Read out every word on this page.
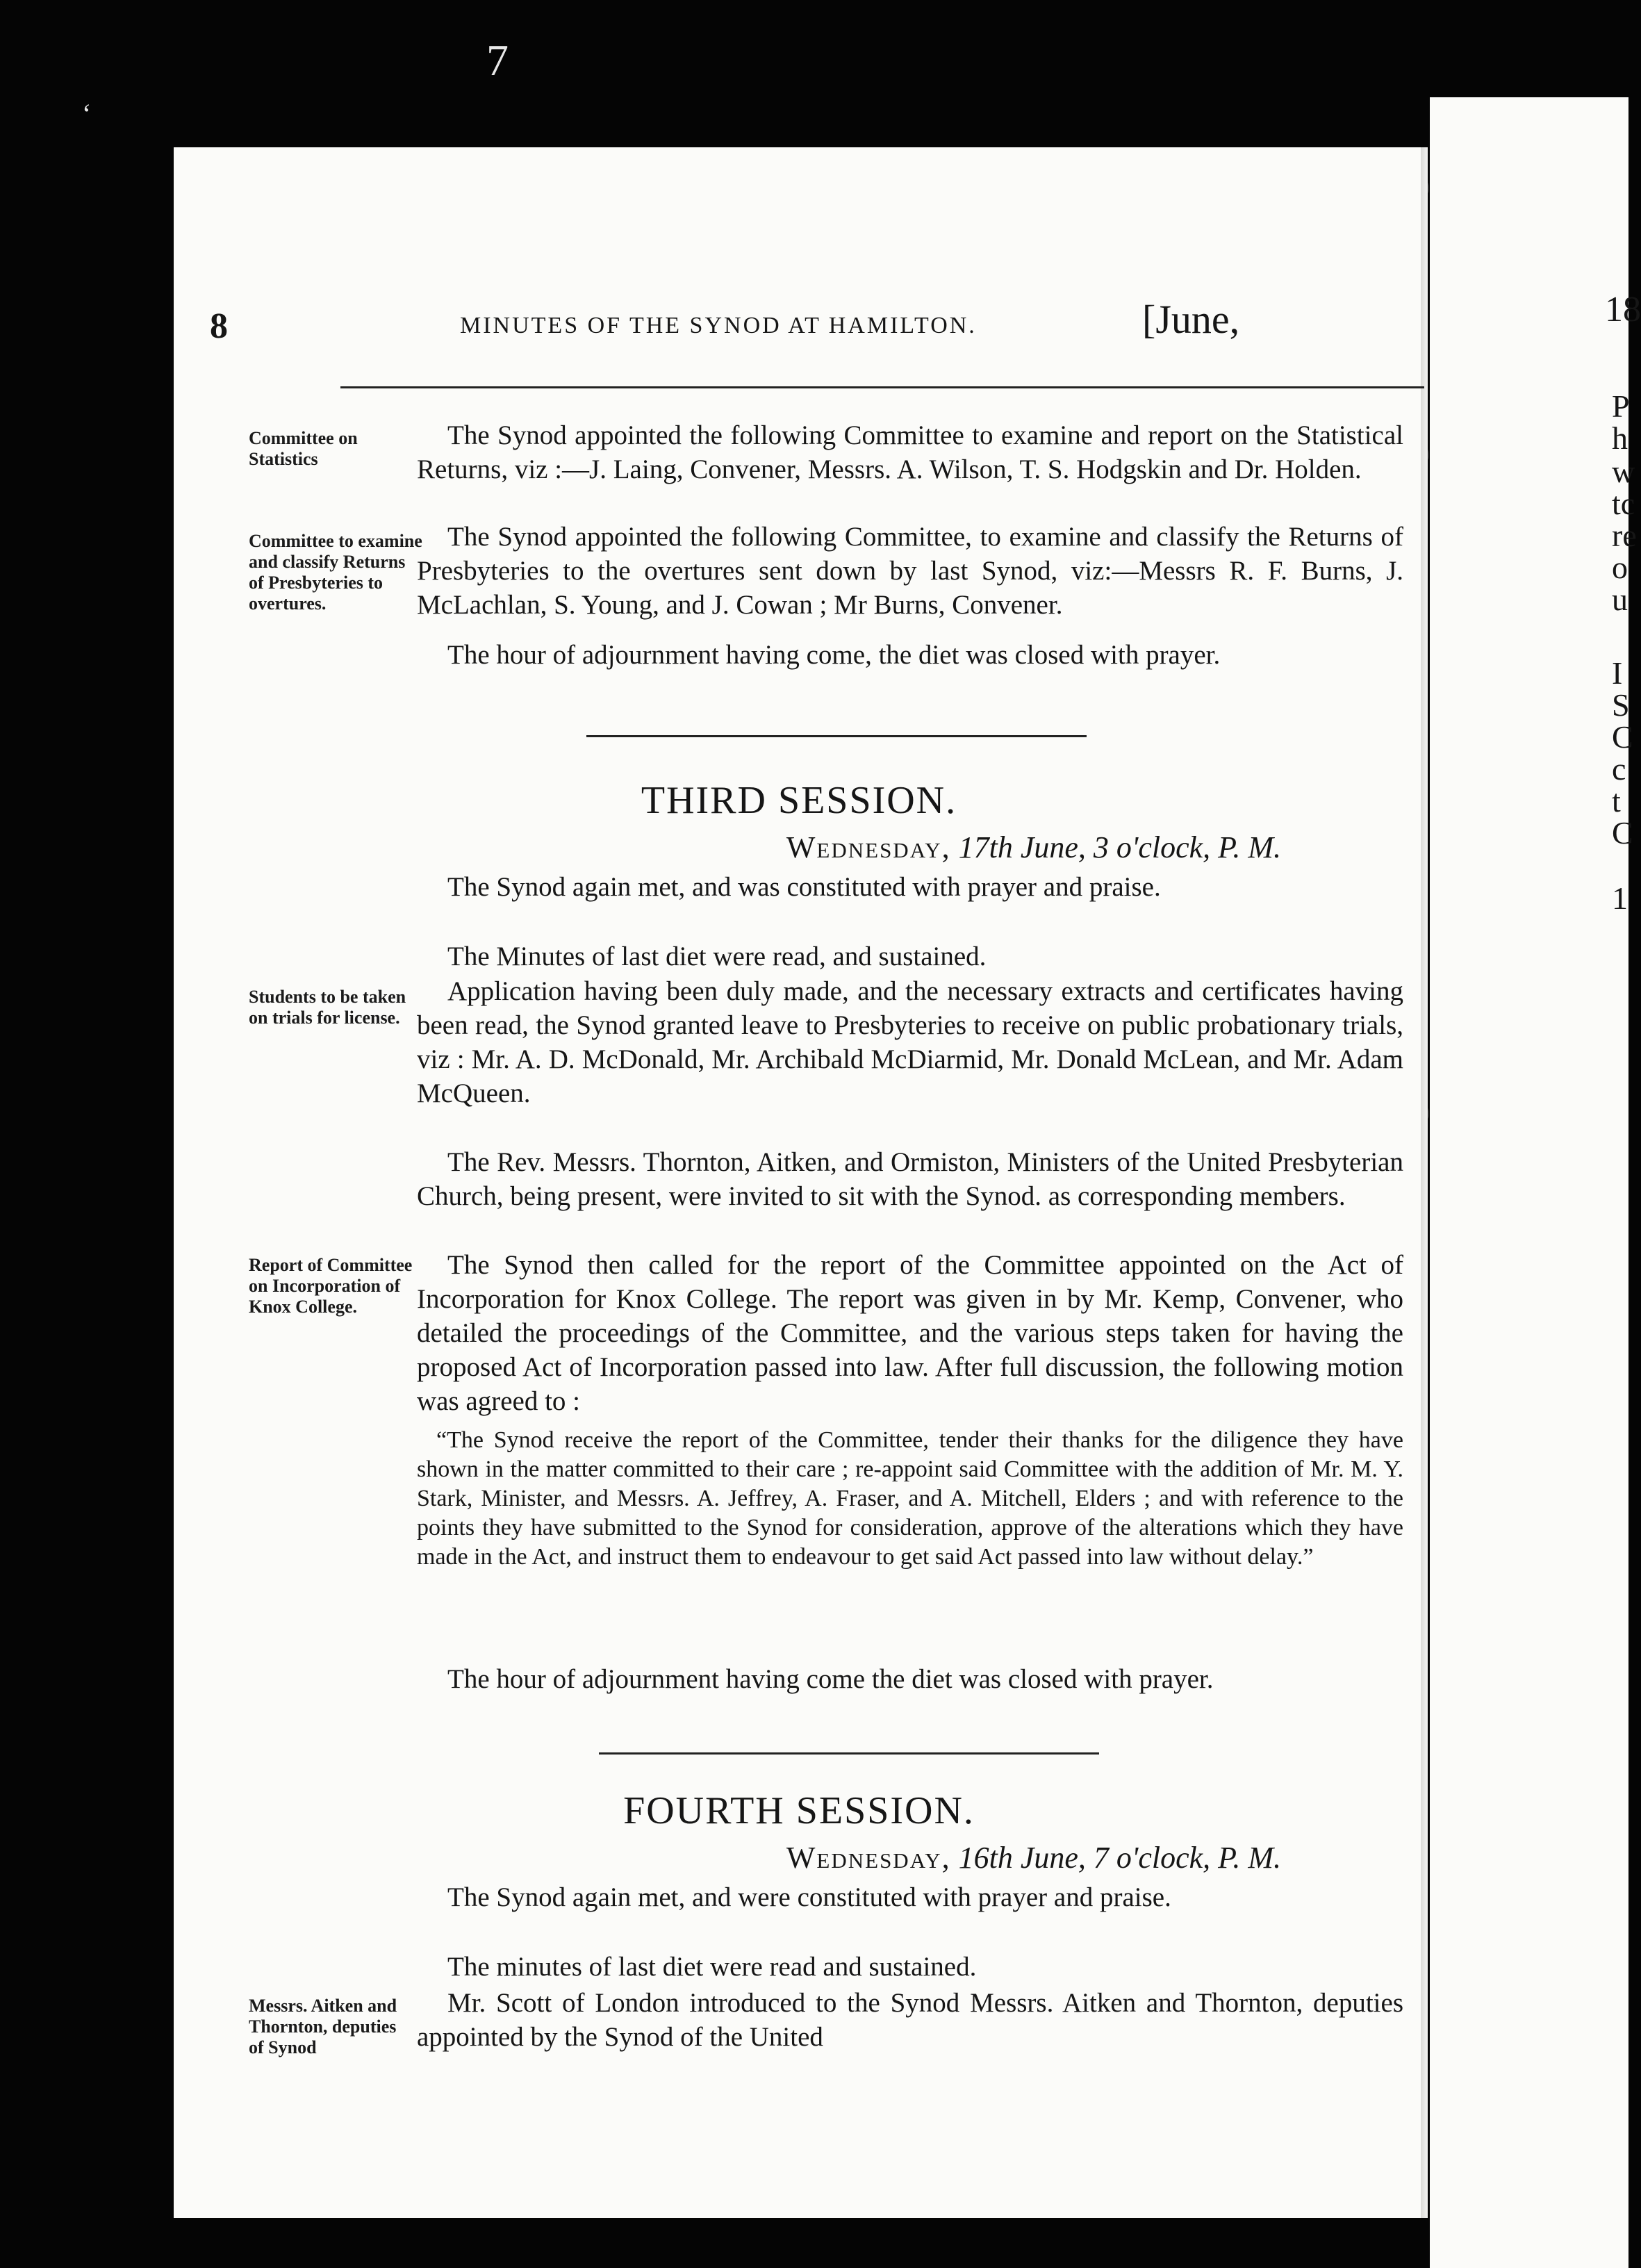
7
ʻ
18
P
h
w
tc
re
o
u
I
S
C
c
t
C
1
8	MINUTES OF THE SYNOD AT HAMILTON.	[June,
Committee on Statistics

The Synod appointed the following Committee to examine and report on the Statistical Returns, viz :—J. Laing, Convener, Messrs. A. Wilson, T. S. Hodgskin and Dr. Holden.

Committee to examine and classify Returns of Presbyteries to overtures.

The Synod appointed the following Committee, to examine and classify the Returns of Presbyteries to the overtures sent down by last Synod, viz:—Messrs R. F. Burns, J. McLachlan, S. Young, and J. Cowan ; Mr Burns, Convener.

The hour of adjournment having come, the diet was closed with prayer.

THIRD SESSION.
Wednesday, 17th June, 3 o'clock, P. M.

The Synod again met, and was constituted with prayer and praise.

The Minutes of last diet were read, and sustained.

Students to be taken on trials for license.

Application having been duly made, and the necessary extracts and certificates having been read, the Synod granted leave to Presbyteries to receive on public probationary trials, viz : Mr. A. D. McDonald, Mr. Archibald McDiarmid, Mr. Donald McLean, and Mr. Adam McQueen.

The Rev. Messrs. Thornton, Aitken, and Ormiston, Ministers of the United Presbyterian Church, being present, were invited to sit with the Synod. as corresponding members.

Report of Committee on Incorporation of Knox College.

The Synod then called for the report of the Committee appointed on the Act of Incorporation for Knox College. The report was given in by Mr. Kemp, Convener, who detailed the proceedings of the Committee, and the various steps taken for having the proposed Act of Incorporation passed into law. After full discussion, the following motion was agreed to :

“The Synod receive the report of the Committee, tender their thanks for the diligence they have shown in the matter committed to their care ; re-appoint said Committee with the addition of Mr. M. Y. Stark, Minister, and Messrs. A. Jeffrey, A. Fraser, and A. Mitchell, Elders ; and with reference to the points they have submitted to the Synod for consideration, approve of the alterations which they have made in the Act, and instruct them to endeavour to get said Act passed into law without delay.”

The hour of adjournment having come the diet was closed with prayer.

FOURTH SESSION.
Wednesday, 16th June, 7 o'clock, P. M.

The Synod again met, and were constituted with prayer and praise.

The minutes of last diet were read and sustained.

Messrs. Aitken and Thornton, deputies of Synod

Mr. Scott of London introduced to the Synod Messrs. Aitken and Thornton, deputies appointed by the Synod of the United
